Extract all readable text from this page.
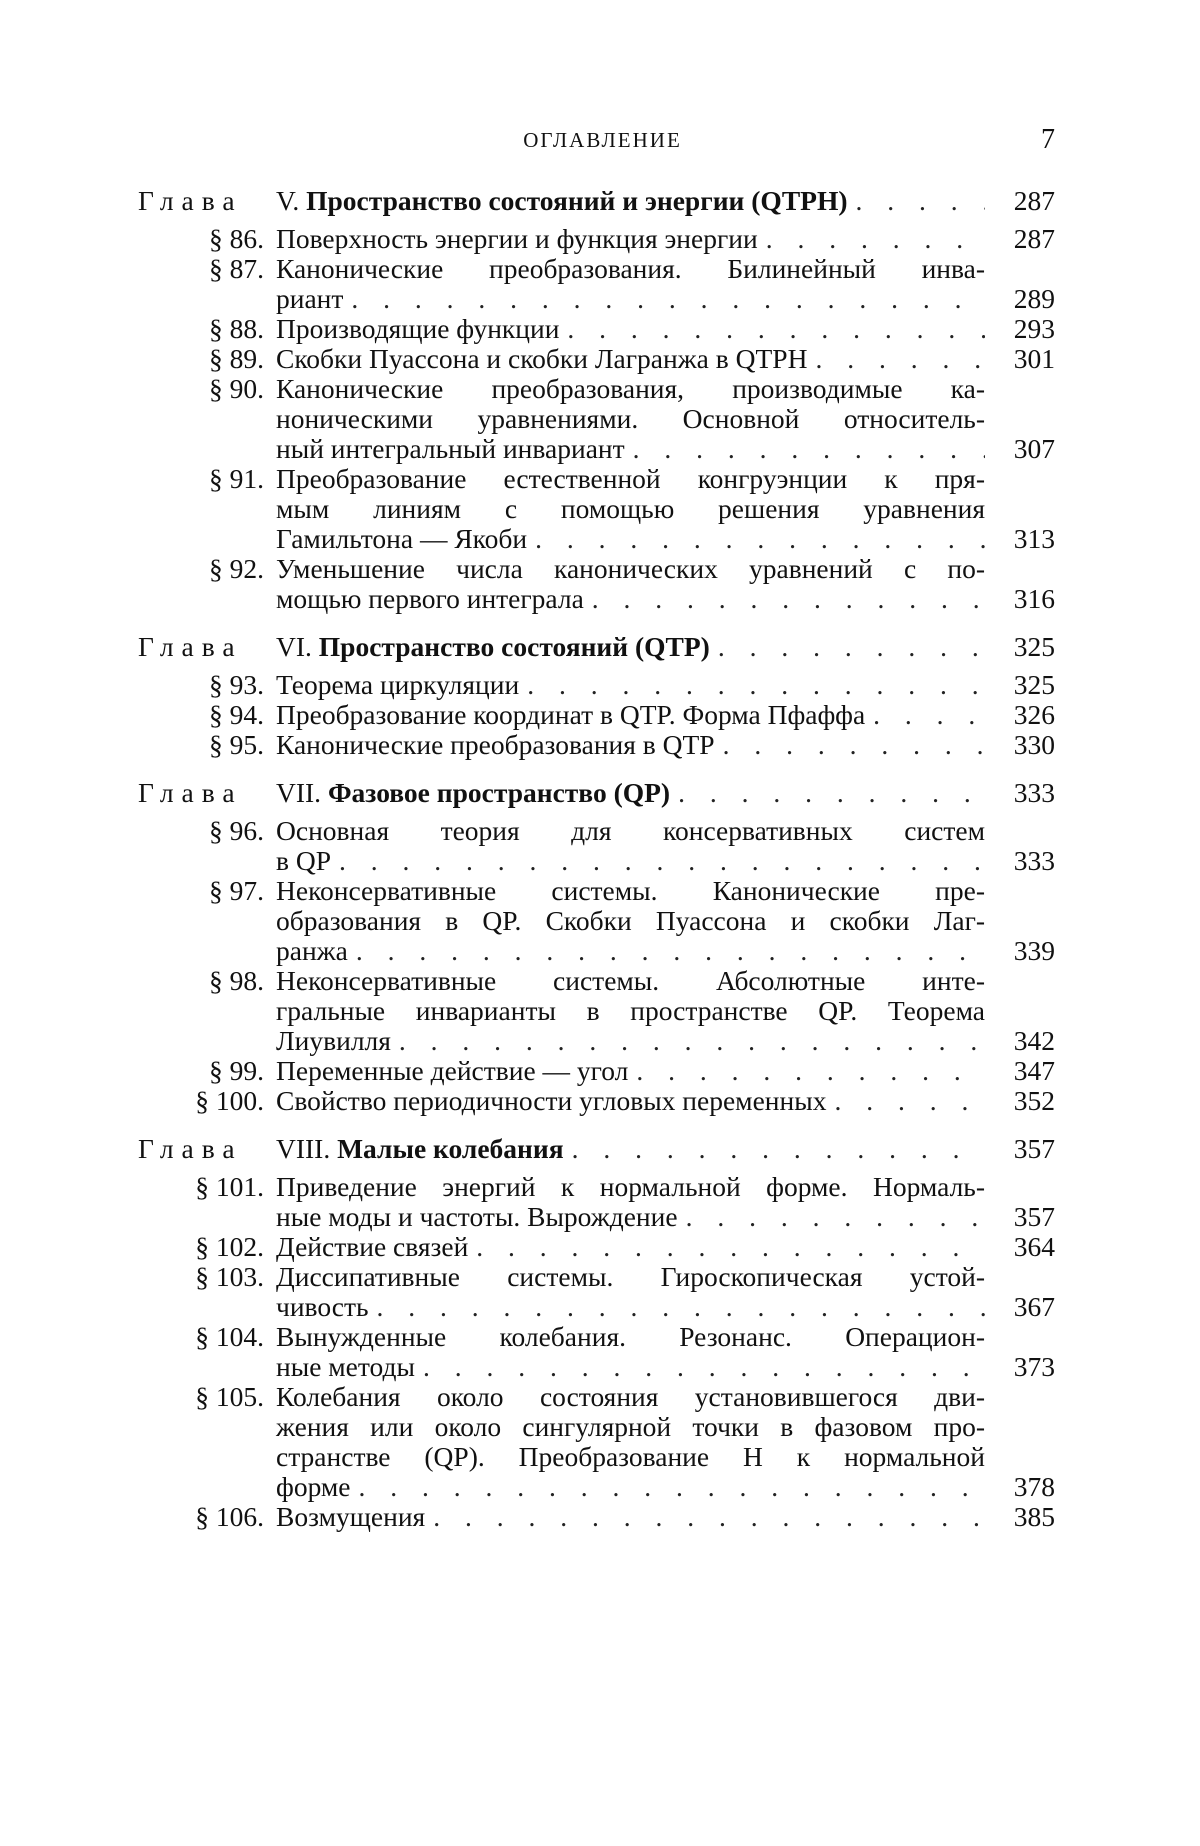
ОГЛАВЛЕНИЕ	7
Глава	V. Пространство состояний и энергии (QTPH) . . .	287
§ 86. Поверхность энергии и функция энергии . . .	287
§ 87. Канонические преобразования. Билинейный инва-
риант . . .	289
§ 88. Производящие функции . . .	293
§ 89. Скобки Пуассона и скобки Лагранжа в QTPH . . .	301
§ 90. Канонические преобразования, производимые ка-
ноническими уравнениями. Основной относитель-
ный интегральный инвариант . . .	307
§ 91. Преобразование естественной конгруэнции к пря-
мым линиям с помощью решения уравнения
Гамильтона — Якоби . . .	313
§ 92. Уменьшение числа канонических уравнений с по-
мощью первого интеграла . . .	316
Глава	VI. Пространство состояний (QTP) . . .	325
§ 93. Теорема циркуляции . . .	325
§ 94. Преобразование координат в QTP. Форма Пфаффа . . .	326
§ 95. Канонические преобразования в QTP . . .	330
Глава	VII. Фазовое пространство (QP) . . .	333
§ 96. Основная теория для консервативных систем
в QP . . .	333
§ 97. Неконсервативные системы. Канонические пре-
образования в QP. Скобки Пуассона и скобки Лаг-
ранжа . . .	339
§ 98. Неконсервативные системы. Абсолютные инте-
гральные инварианты в пространстве QP. Теорема
Лиувилля . . .	342
§ 99. Переменные действие — угол . . .	347
§ 100. Свойство периодичности угловых переменных . . .	352
Глава	VIII. Малые колебания . . .	357
§ 101. Приведение энергий к нормальной форме. Нормаль-
ные моды и частоты. Вырождение . . .	357
§ 102. Действие связей . . .	364
§ 103. Диссипативные системы. Гироскопическая устой-
чивость . . .	367
§ 104. Вынужденные колебания. Резонанс. Операцион-
ные методы . . .	373
§ 105. Колебания около состояния установившегося дви-
жения или около сингулярной точки в фазовом про-
странстве (QP). Преобразование H к нормальной
форме . . .	378
§ 106. Возмущения . . .	385
